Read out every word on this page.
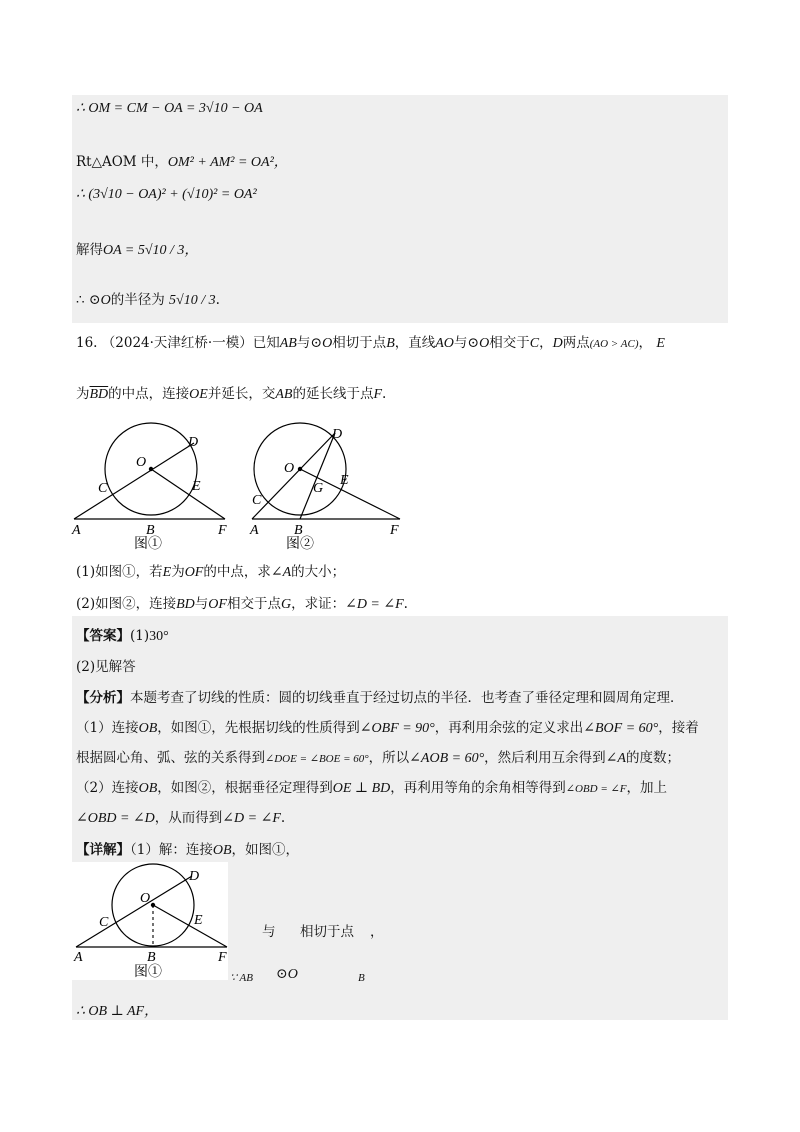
∴ OM = CM − OA = 3√10 − OA
Rt△AOM 中，OM² + AM² = OA²，
∴ (3√10 − OA)² + (√10)² = OA²
解得OA = 5√10 / 3，
∴ ⊙O的半径为 5√10 / 3.
16. （2024·天津红桥·一模）已知AB与⊙O相切于点B，直线AO与⊙O相交于C，D两点(AO > AC)， E
为$\overline{BD}$的中点，连接OE并延长，交AB的延长线于点F.
O
D
C	E
A	B	F
图①
O
D
G
E
C
A	B	F
图②
(1)如图①，若E为OF的中点，求∠A的大小；
(2)如图②，连接BD与OF相交于点G，求证：∠D = ∠F.
【答案】(1)30°
(2)见解答
【分析】本题考查了切线的性质：圆的切线垂直于经过切点的半径．也考查了垂径定理和圆周角定理．
（1）连接OB，如图①，先根据切线的性质得到∠OBF = 90°，再利用余弦的定义求出∠BOF = 60°，接着
根据圆心角、弧、弦的关系得到∠DOE = ∠BOE = 60°，所以∠AOB = 60°，然后利用互余得到∠A的度数；
（2）连接OB，如图②，根据垂径定理得到OE ⊥ BD，再利用等角的余角相等得到∠OBD = ∠F，加上
∠OBD = ∠D，从而得到∠D = ∠F.
【详解】（1）解：连接OB，如图①，
O
D
C	E
A	B	F
图①
与 相切于点 ，
∵ AB ⊙O	B
∴ OB ⊥ AF，
